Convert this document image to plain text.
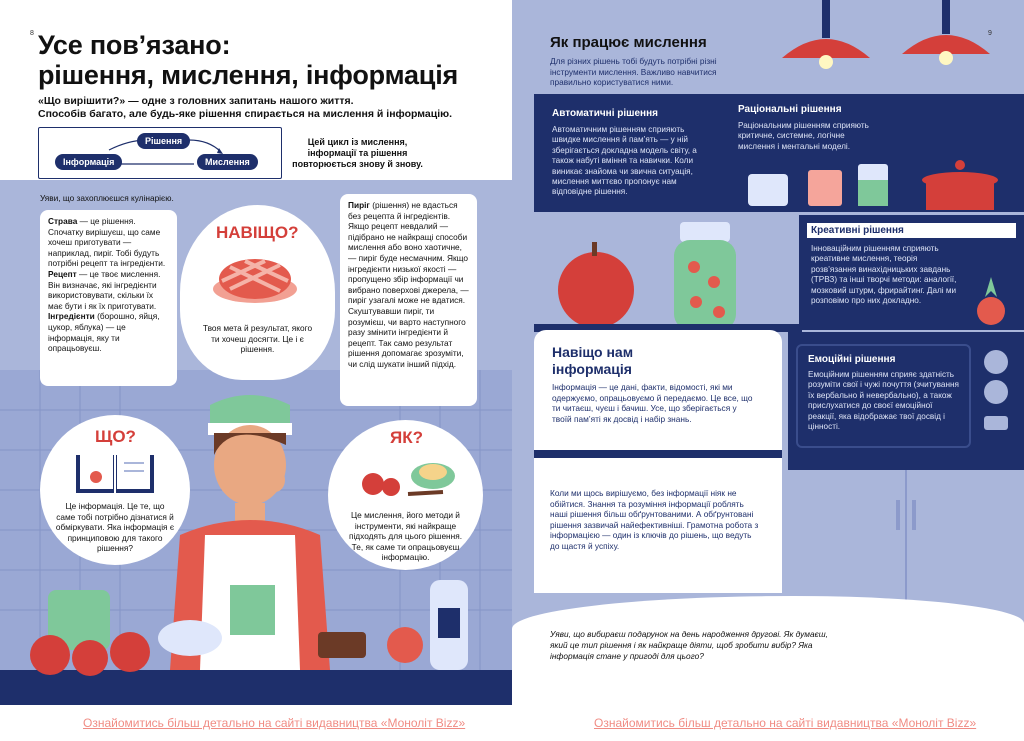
8 Усе пов’язано:
рішення, мислення, інформація
«Що вирішити?» — одне з головних запитань нашого життя.
Способів багато, але будь-яке рішення спирається на мислення й інформацію.
Рішення
Інформація	Мислення
Цей цикл із мислення, інформації та рішення повторюється знову й знову.
Уяви, що захоплюєшся кулінарією.

Страва — це рішення. Спочатку вирішуєш, що саме хочеш приготувати — наприклад, пиріг. Тобі будуть потрібні рецепт та інгредієнти.

Рецепт — це твоє мислення. Він визначає, які інгредієнти використовувати, скільки їх має бути і як їх приготувати.

Інгредієнти (борошно, яйця, цукор, яблука) — це інформація, яку ти опрацьовуєш.

Пиріг (рішення) не вдасться без рецепта й інгредієнтів. Якщо рецепт невдалий — підібрано не найкращі способи мислення або воно хаотичне, — пиріг буде несмачним. Якщо інгредієнти низької якості — пропущено збір інформації чи вибрано поверхові джерела, — пиріг узагалі може не вдатися. Скуштувавши пиріг, ти розумієш, чи варто наступного разу змінити інгредієнти й рецепт. Так само результат рішення допомагає зрозуміти, чи слід шукати інший підхід.

НАВІЩО?
Твоя мета й результат, якого ти хочеш досягти. Це і є рішення.
ЩО?
Це інформація. Це те, що саме тобі потрібно дізнатися й обміркувати. Яка інформація є принциповою для такого рішення?
ЯК?
Це мислення, його методи й інструменти, які найкраще підходять для цього рішення. Те, як саме ти опрацьовуєш інформацію.
9
Як працює мислення
Для різних рішень тобі будуть потрібні різні інструменти мислення. Важливо навчитися правильно користуватися ними.
Автоматичні рішення
Автоматичним рішенням сприяють швидке мислення й пам’ять — у ній зберігається докладна модель світу, а також набуті вміння та навички. Коли виникає знайома чи звична ситуація, мислення миттєво пропонує нам відповідне рішення.
Раціональні рішення
Раціональним рішенням сприяють критичне, системне, логічне мислення і ментальні моделі.
Креативні рішення
Інноваційним рішенням сприяють креативне мислення, теорія розв’язання винахідницьких завдань (ТРВЗ) та інші творчі методи: аналогії, мозковий штурм, фрирайтинг. Далі ми розповімо про них докладно.
Навіщо нам інформація
Інформація — це дані, факти, відомості, які ми одержуємо, опрацьовуємо й передаємо. Це все, що ти читаєш, чуєш і бачиш. Усе, що зберігається у твоїй пам’яті як досвід і набір знань.
Коли ми щось вирішуємо, без інформації ніяк не обійтися. Знання та розуміння інформації роблять наші рішення більш обґрунтованими. А обґрунтовані рішення зазвичай найефективніші. Грамотна робота з інформацією — один із ключів до рішень, що ведуть до щастя й успіху.
Емоційні рішення
Емоційним рішенням сприяє здатність розуміти свої і чужі почуття (зчитування їх вербально й невербально), а також прислухатися до своєї емоційної реакції, яка відображає твої досвід і цінності.
Уяви, що вибираєш подарунок на день народження другові. Як думаєш, який це тип рішення і як найкраще діяти, щоб зробити вибір? Яка інформація стане у пригоді для цього?
Ознайомитись більш детально на сайті видавництва «Моноліт Bizz»	Ознайомитись більш детально на сайті видавництва «Моноліт Bizz»
